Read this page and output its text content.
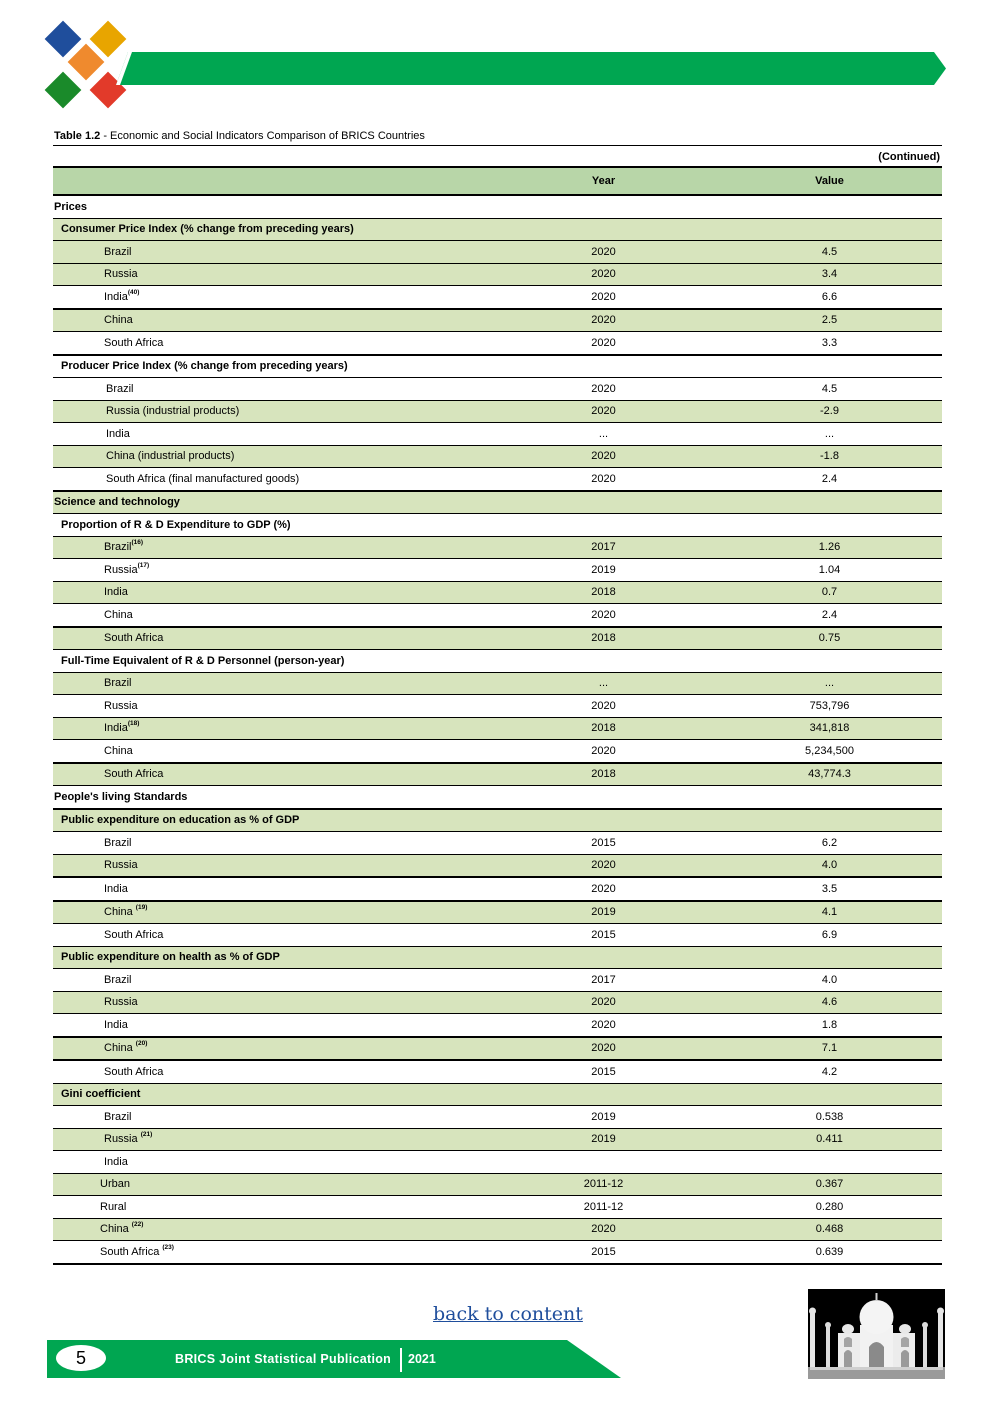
General Information, Economic and Social Indicators Comparison of BRICS Countries
Table 1.2 - Economic and Social Indicators Comparison of BRICS Countries
(Continued)
	Year	Value
Prices		
Consumer Price Index (% change from preceding years)		
Brazil	2020	4.5
Russia	2020	3.4
India$^{(40)}$	2020	6.6
China	2020	2.5
South Africa	2020	3.3
Producer Price Index (% change from preceding years)		
Brazil	2020	4.5
Russia (industrial products)	2020	-2.9
India	...	...
China (industrial products)	2020	-1.8
South Africa (final manufactured goods)	2020	2.4
Science and technology		
Proportion of R & D Expenditure to GDP (%)		
Brazil$^{(16)}$	2017	1.26
Russia$^{(17)}$	2019	1.04
India	2018	0.7
China	2020	2.4
South Africa	2018	0.75
Full-Time Equivalent of R & D Personnel (person-year)		
Brazil	...	...
Russia	2020	753,796
India$^{(18)}$	2018	341,818
China	2020	5,234,500
South Africa	2018	43,774.3
People's living Standards		
Public expenditure on education as % of GDP		
Brazil	2015	6.2
Russia	2020	4.0
India	2020	3.5
China $^{(19)}$	2019	4.1
South Africa	2015	6.9
Public expenditure on health as % of GDP		
Brazil	2017	4.0
Russia	2020	4.6
India	2020	1.8
China $^{(20)}$	2020	7.1
South Africa	2015	4.2
Gini coefficient		
Brazil	2019	0.538
Russia $^{(21)}$	2019	0.411
India		
Urban	2011-12	0.367
Rural	2011-12	0.280
China $^{(22)}$	2020	0.468
South Africa $^{(23)}$	2015	0.639
back to content
5	BRICS Joint Statistical Publication 2021
